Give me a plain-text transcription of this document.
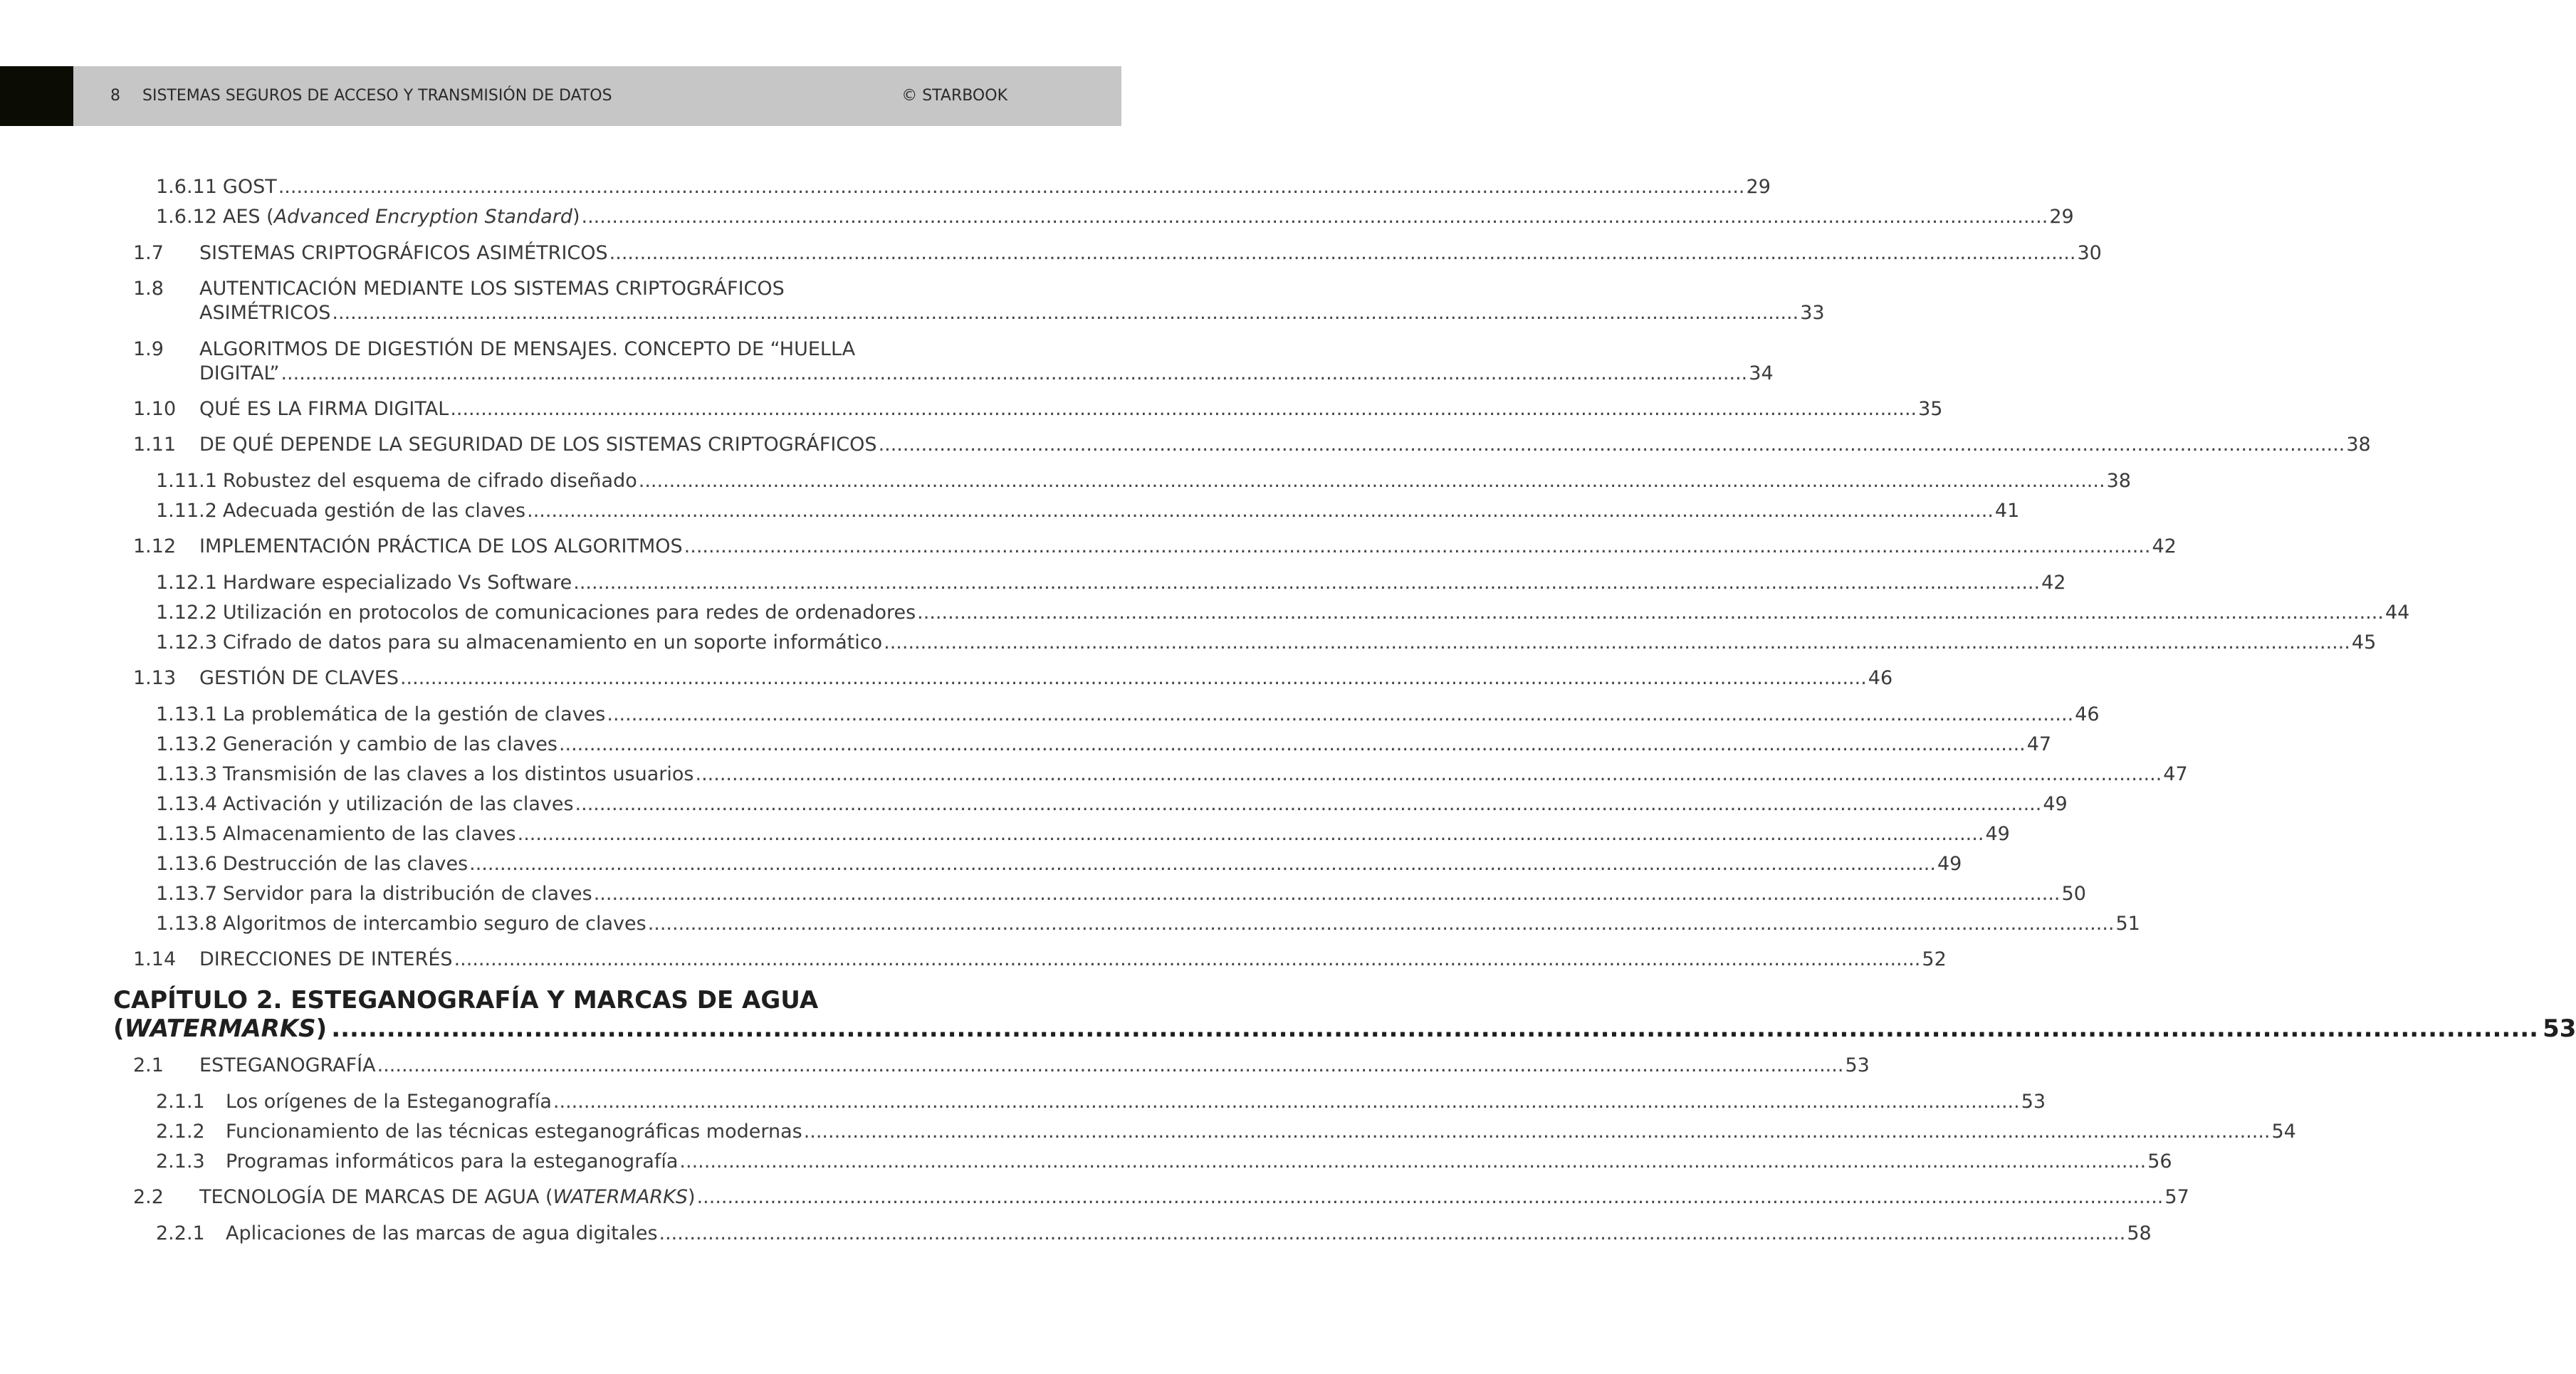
8 SISTEMAS SEGUROS DE ACCESO Y TRANSMISIÓN DE DATOS	© STARBOOK
1.6.11 GOST ................................................................................................................................................................................................................................................ 29
1.6.12 AES (Advanced Encryption Standard) ................................................................................................................................................................................................................................................ 29
1.7	SISTEMAS CRIPTOGRÁFICOS ASIMÉTRICOS ................................................................................................................................................................................................................................................ 30
1.8 AUTENTICACIÓN MEDIANTE LOS SISTEMAS CRIPTOGRÁFICOS
ASIMÉTRICOS ................................................................................................................................................................................................................................................ 33
1.9 ALGORITMOS DE DIGESTIÓN DE MENSAJES. CONCEPTO DE “HUELLA
DIGITAL” ................................................................................................................................................................................................................................................ 34
1.10	QUÉ ES LA FIRMA DIGITAL ................................................................................................................................................................................................................................................ 35
1.11	DE QUÉ DEPENDE LA SEGURIDAD DE LOS SISTEMAS CRIPTOGRÁFICOS ................................................................................................................................................................................................................................................ 38
1.11.1 Robustez del esquema de cifrado diseñado ................................................................................................................................................................................................................................................ 38
1.11.2 Adecuada gestión de las claves ................................................................................................................................................................................................................................................ 41
1.12	IMPLEMENTACIÓN PRÁCTICA DE LOS ALGORITMOS ................................................................................................................................................................................................................................................ 42
1.12.1 Hardware especializado Vs Software ................................................................................................................................................................................................................................................ 42
1.12.2 Utilización en protocolos de comunicaciones para redes de ordenadores ................................................................................................................................................................................................................................................ 44
1.12.3 Cifrado de datos para su almacenamiento en un soporte informático ................................................................................................................................................................................................................................................ 45
1.13	GESTIÓN DE CLAVES ................................................................................................................................................................................................................................................ 46
1.13.1 La problemática de la gestión de claves ................................................................................................................................................................................................................................................ 46
1.13.2 Generación y cambio de las claves ................................................................................................................................................................................................................................................ 47
1.13.3 Transmisión de las claves a los distintos usuarios ................................................................................................................................................................................................................................................ 47
1.13.4 Activación y utilización de las claves ................................................................................................................................................................................................................................................ 49
1.13.5 Almacenamiento de las claves ................................................................................................................................................................................................................................................ 49
1.13.6 Destrucción de las claves ................................................................................................................................................................................................................................................ 49
1.13.7 Servidor para la distribución de claves ................................................................................................................................................................................................................................................ 50
1.13.8 Algoritmos de intercambio seguro de claves ................................................................................................................................................................................................................................................ 51
1.14	DIRECCIONES DE INTERÉS ................................................................................................................................................................................................................................................ 52
CAPÍTULO 2. ESTEGANOGRAFÍA Y MARCAS DE AGUA
(WATERMARKS) ................................................................................................................................................................................................................................................ 53
2.1	ESTEGANOGRAFÍA ................................................................................................................................................................................................................................................ 53
2.1.1	Los orígenes de la Esteganografía ................................................................................................................................................................................................................................................ 53
2.1.2	Funcionamiento de las técnicas esteganográficas modernas ................................................................................................................................................................................................................................................ 54
2.1.3	Programas informáticos para la esteganografía ................................................................................................................................................................................................................................................ 56
2.2	TECNOLOGÍA DE MARCAS DE AGUA (WATERMARKS) ................................................................................................................................................................................................................................................ 57
2.2.1	Aplicaciones de las marcas de agua digitales ................................................................................................................................................................................................................................................ 58
